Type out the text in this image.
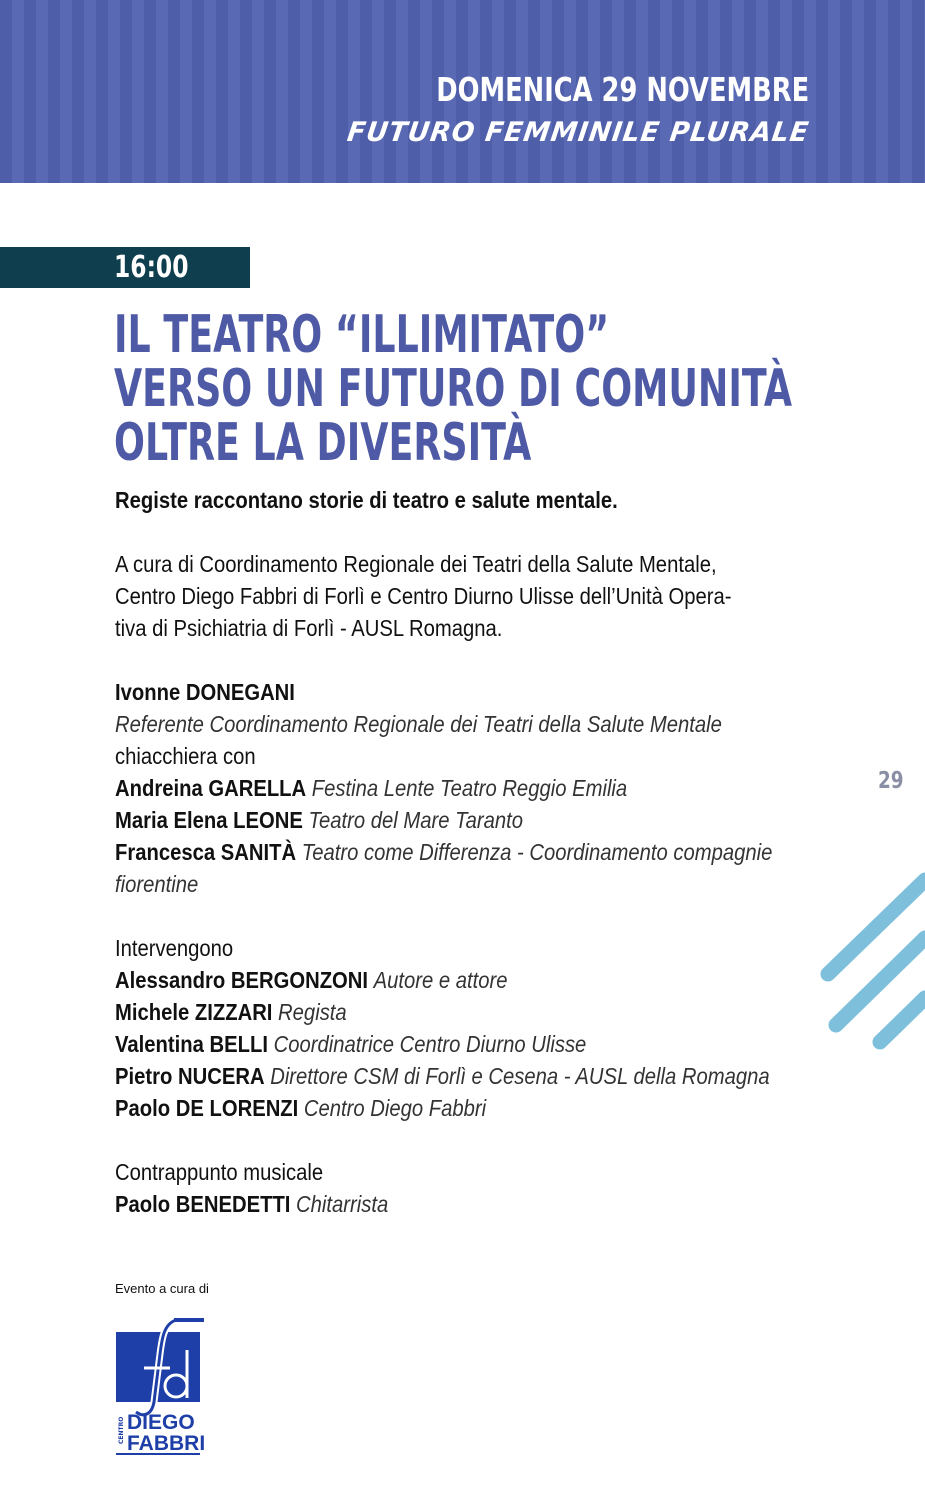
DOMENICA 29 NOVEMBRE
FUTURO FEMMINILE PLURALE
16:00
IL TEATRO “ILLIMITATO”
VERSO UN FUTURO DI COMUNITÀ
OLTRE LA DIVERSITÀ
Registe raccontano storie di teatro e salute mentale.
A cura di Coordinamento Regionale dei Teatri della Salute Mentale,
Centro Diego Fabbri di Forlì e Centro Diurno Ulisse dell’Unità Opera-
tiva di Psichiatria di Forlì - AUSL Romagna.
Ivonne DONEGANI
Referente Coordinamento Regionale dei Teatri della Salute Mentale
chiacchiera con
Andreina GARELLA Festina Lente Teatro Reggio Emilia
Maria Elena LEONE Teatro del Mare Taranto
Francesca SANITÀ Teatro come Differenza - Coordinamento compagnie
fiorentine
Intervengono
Alessandro BERGONZONI Autore e attore
Michele ZIZZARI Regista
Valentina BELLI Coordinatrice Centro Diurno Ulisse
Pietro NUCERA Direttore CSM di Forlì e Cesena - AUSL della Romagna
Paolo DE LORENZI Centro Diego Fabbri
Contrappunto musicale
Paolo BENEDETTI Chitarrista
29
Evento a cura di
CENTRO DIEGO
FABBRI
